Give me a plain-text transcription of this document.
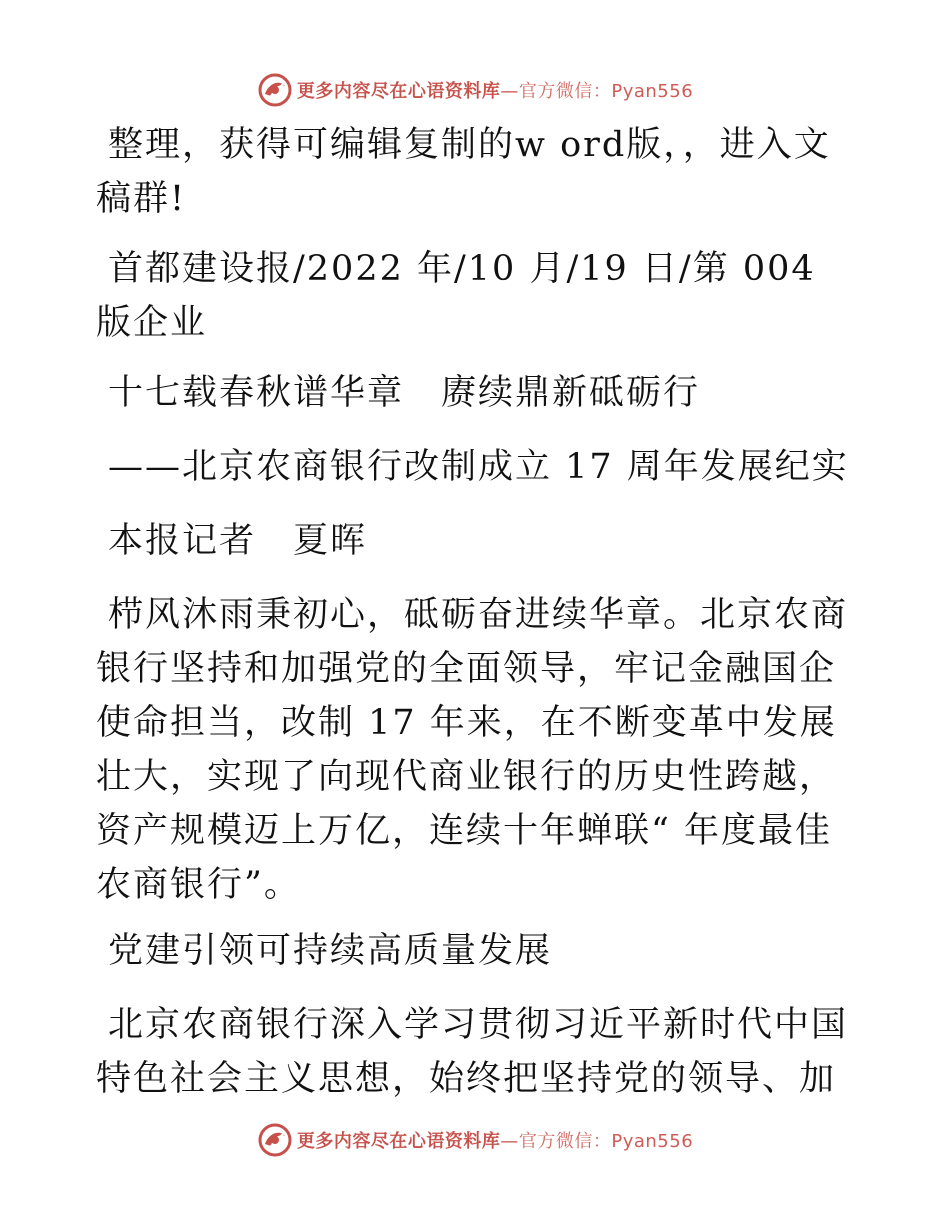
更多内容尽在心语资料库—官方微信：Pyan556

整理，获得可编辑复制的w ord版，，进入文稿群!

首都建设报/2022 年/10 月/19 日/第 004 版企业

十七载春秋谱华章　赓续鼎新砥砺行

——北京农商银行改制成立 17 周年发展纪实

本报记者　夏晖

栉风沐雨秉初心，砥砺奋进续华章。北京农商银行坚持和加强党的全面领导，牢记金融国企使命担当，改制 17 年来，在不断变革中发展壮大，实现了向现代商业银行的历史性跨越，资产规模迈上万亿，连续十年蝉联“ 年度最佳农商银行”。

党建引领可持续高质量发展

北京农商银行深入学习贯彻习近平新时代中国特色社会主义思想，始终把坚持党的领导、加

更多内容尽在心语资料库—官方微信：Pyan556
